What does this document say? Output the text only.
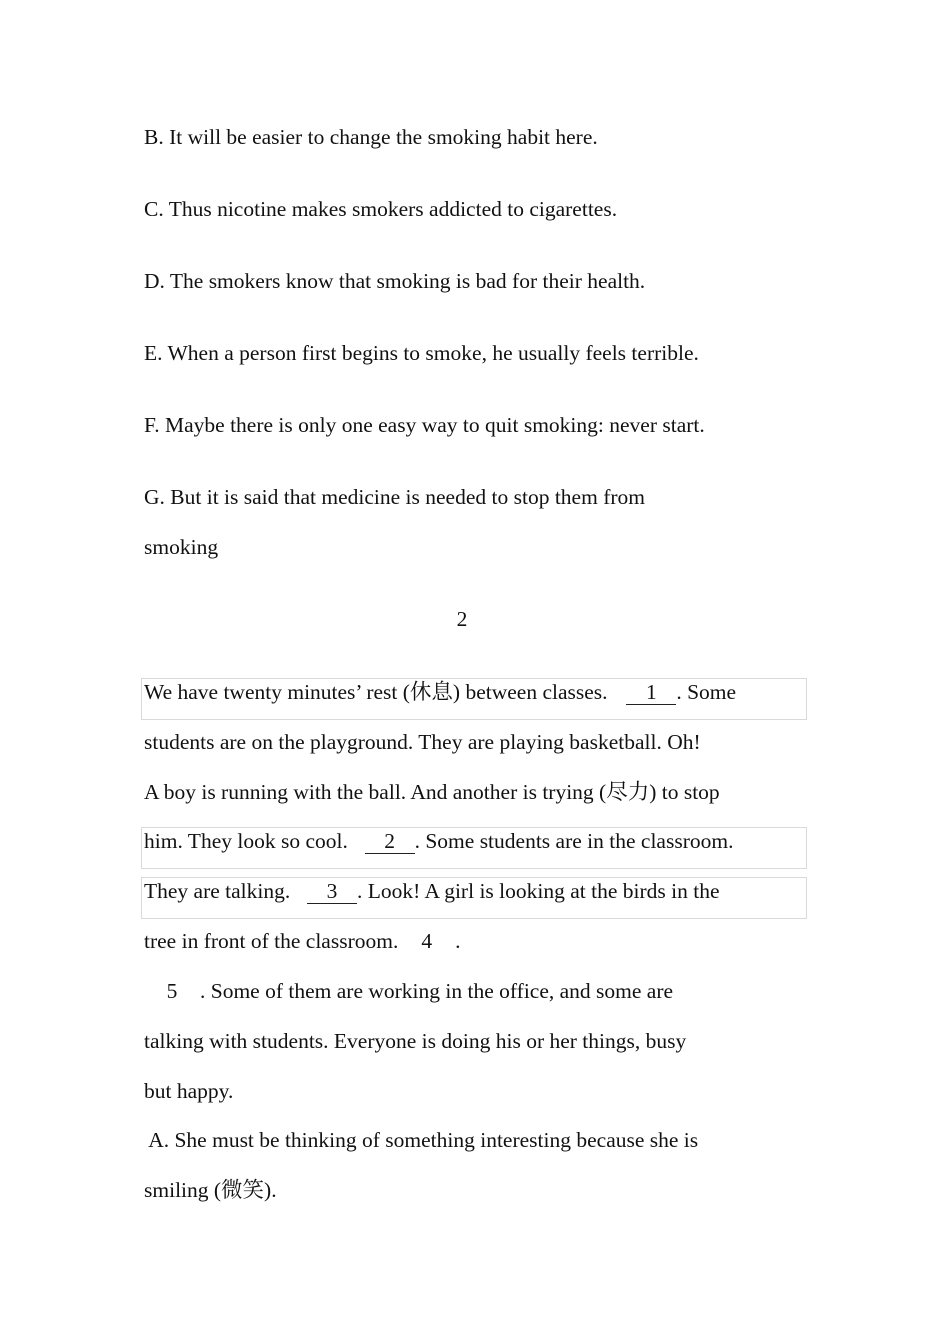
B. It will be easier to change the smoking habit here.
C. Thus nicotine makes smokers addicted to cigarettes.
D. The smokers know that smoking is bad for their health.
E. When a person first begins to smoke, he usually feels terrible.
F. Maybe there is only one easy way to quit smoking: never start.
G. But it is said that medicine is needed to stop them from
smoking
2
We have twenty minutes’ rest (休息) between classes. 1 . Some
students are on the playground. They are playing basketball. Oh!
A boy is running with the ball. And another is trying (尽力) to stop
him. They look so cool. 2 . Some students are in the classroom.
They are talking. 3 . Look! A girl is looking at the birds in the
tree in front of the classroom. 4 .
5 . Some of them are working in the office, and some are
talking with students. Everyone is doing his or her things, busy
but happy.
A. She must be thinking of something interesting because she is
smiling (微笑).
